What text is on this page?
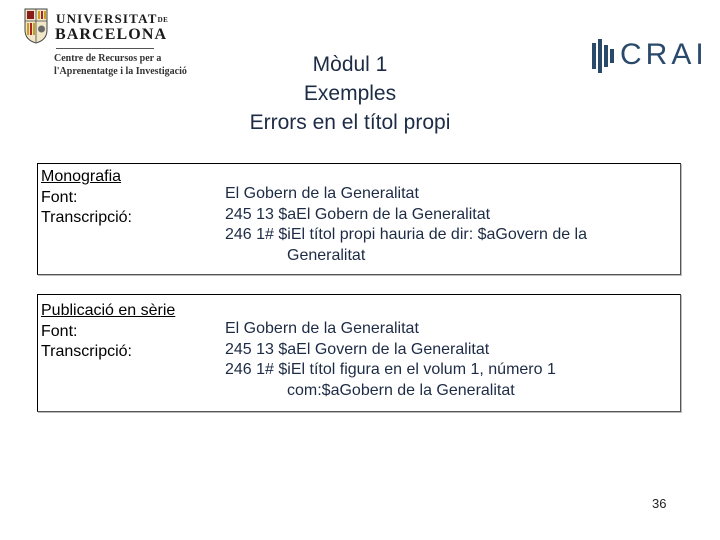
UNIVERSITATDE
BARCELONA
Centre de Recursos per a
l'Aprenentatge i la Investigació
CRAI
Mòdul 1
Exemples
Errors en el títol propi
Monografia
Font:
Transcripció:
El Gobern de la Generalitat
245 13 $aEl Gobern de la Generalitat
246 1# $iEl títol propi hauria de dir: $aGovern de la
Generalitat
Publicació en sèrie
Font:
Transcripció:
El Gobern de la Generalitat
245 13 $aEl Govern de la Generalitat
246 1# $iEl títol figura en el volum 1, número 1
com:$aGobern de la Generalitat
36
